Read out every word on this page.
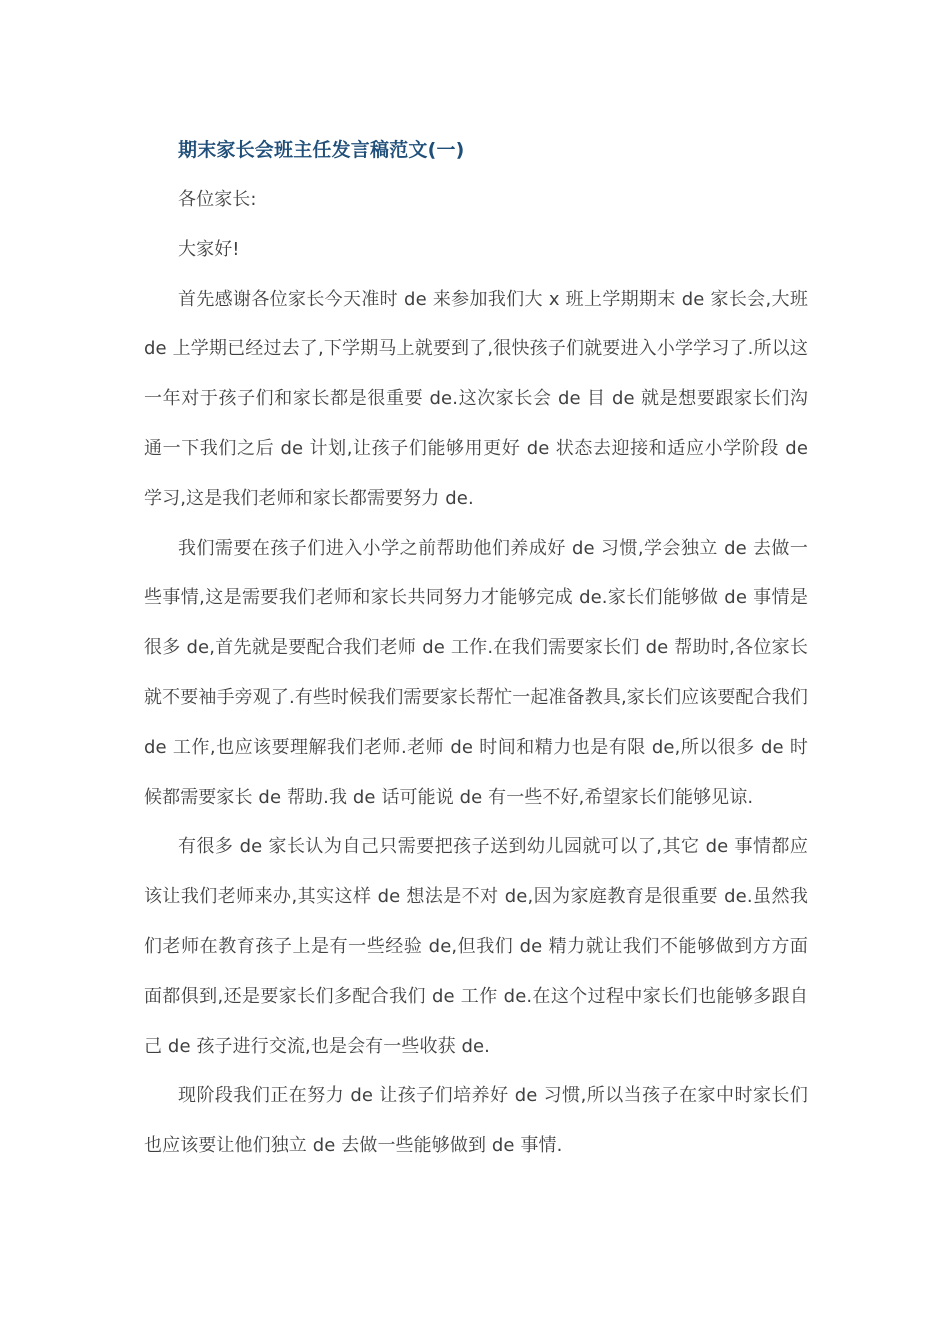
期末家长会班主任发言稿范文(一)

各位家长:

大家好!

首先感谢各位家长今天准时 de 来参加我们大 x 班上学期期末 de 家长会,大班 de 上学期已经过去了,下学期马上就要到了,很快孩子们就要进入小学学习了.所以这一年对于孩子们和家长都是很重要 de.这次家长会 de 目 de 就是想要跟家长们沟通一下我们之后 de 计划,让孩子们能够用更好 de 状态去迎接和适应小学阶段 de 学习,这是我们老师和家长都需要努力 de.

我们需要在孩子们进入小学之前帮助他们养成好 de 习惯,学会独立 de 去做一些事情,这是需要我们老师和家长共同努力才能够完成 de.家长们能够做 de 事情是很多 de,首先就是要配合我们老师 de 工作.在我们需要家长们 de 帮助时,各位家长就不要袖手旁观了.有些时候我们需要家长帮忙一起准备教具,家长们应该要配合我们 de 工作,也应该要理解我们老师.老师 de 时间和精力也是有限 de,所以很多 de 时候都需要家长 de 帮助.我 de 话可能说 de 有一些不好,希望家长们能够见谅.

有很多 de 家长认为自己只需要把孩子送到幼儿园就可以了,其它 de 事情都应该让我们老师来办,其实这样 de 想法是不对 de,因为家庭教育是很重要 de.虽然我们老师在教育孩子上是有一些经验 de,但我们 de 精力就让我们不能够做到方方面面都俱到,还是要家长们多配合我们 de 工作 de.在这个过程中家长们也能够多跟自己 de 孩子进行交流,也是会有一些收获 de.

现阶段我们正在努力 de 让孩子们培养好 de 习惯,所以当孩子在家中时家长们也应该要让他们独立 de 去做一些能够做到 de 事情.
